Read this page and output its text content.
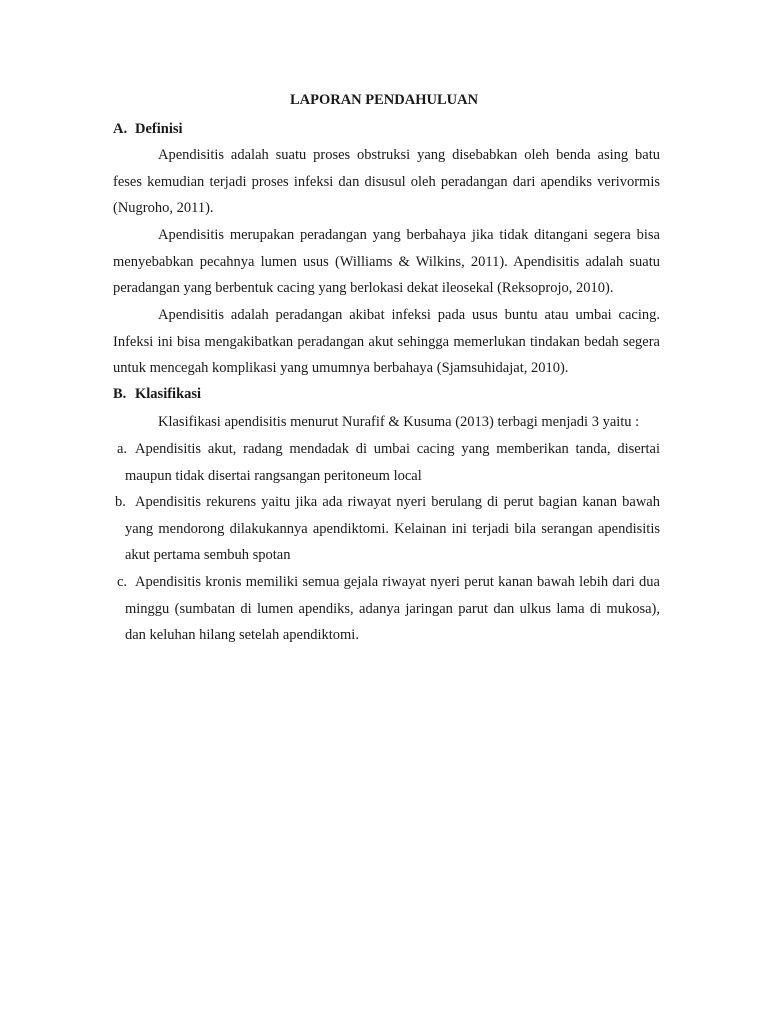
LAPORAN PENDAHULUAN
A. Definisi

Apendisitis adalah suatu proses obstruksi yang disebabkan oleh benda asing batu feses kemudian terjadi proses infeksi dan disusul oleh peradangan dari apendiks verivormis (Nugroho, 2011).

Apendisitis merupakan peradangan yang berbahaya jika tidak ditangani segera bisa menyebabkan pecahnya lumen usus (Williams & Wilkins, 2011). Apendisitis adalah suatu peradangan yang berbentuk cacing yang berlokasi dekat ileosekal (Reksoprojo, 2010).

Apendisitis adalah peradangan akibat infeksi pada usus buntu atau umbai cacing. Infeksi ini bisa mengakibatkan peradangan akut sehingga memerlukan tindakan bedah segera untuk mencegah komplikasi yang umumnya berbahaya (Sjamsuhidajat, 2010).

B. Klasifikasi

Klasifikasi apendisitis menurut Nurafif & Kusuma (2013) terbagi menjadi 3 yaitu :

a. Apendisitis akut, radang mendadak di umbai cacing yang memberikan tanda, disertai maupun tidak disertai rangsangan peritoneum local
b. Apendisitis rekurens yaitu jika ada riwayat nyeri berulang di perut bagian kanan bawah yang mendorong dilakukannya apendiktomi. Kelainan ini terjadi bila serangan apendisitis akut pertama sembuh spotan
c. Apendisitis kronis memiliki semua gejala riwayat nyeri perut kanan bawah lebih dari dua minggu (sumbatan di lumen apendiks, adanya jaringan parut dan ulkus lama di mukosa), dan keluhan hilang setelah apendiktomi.
